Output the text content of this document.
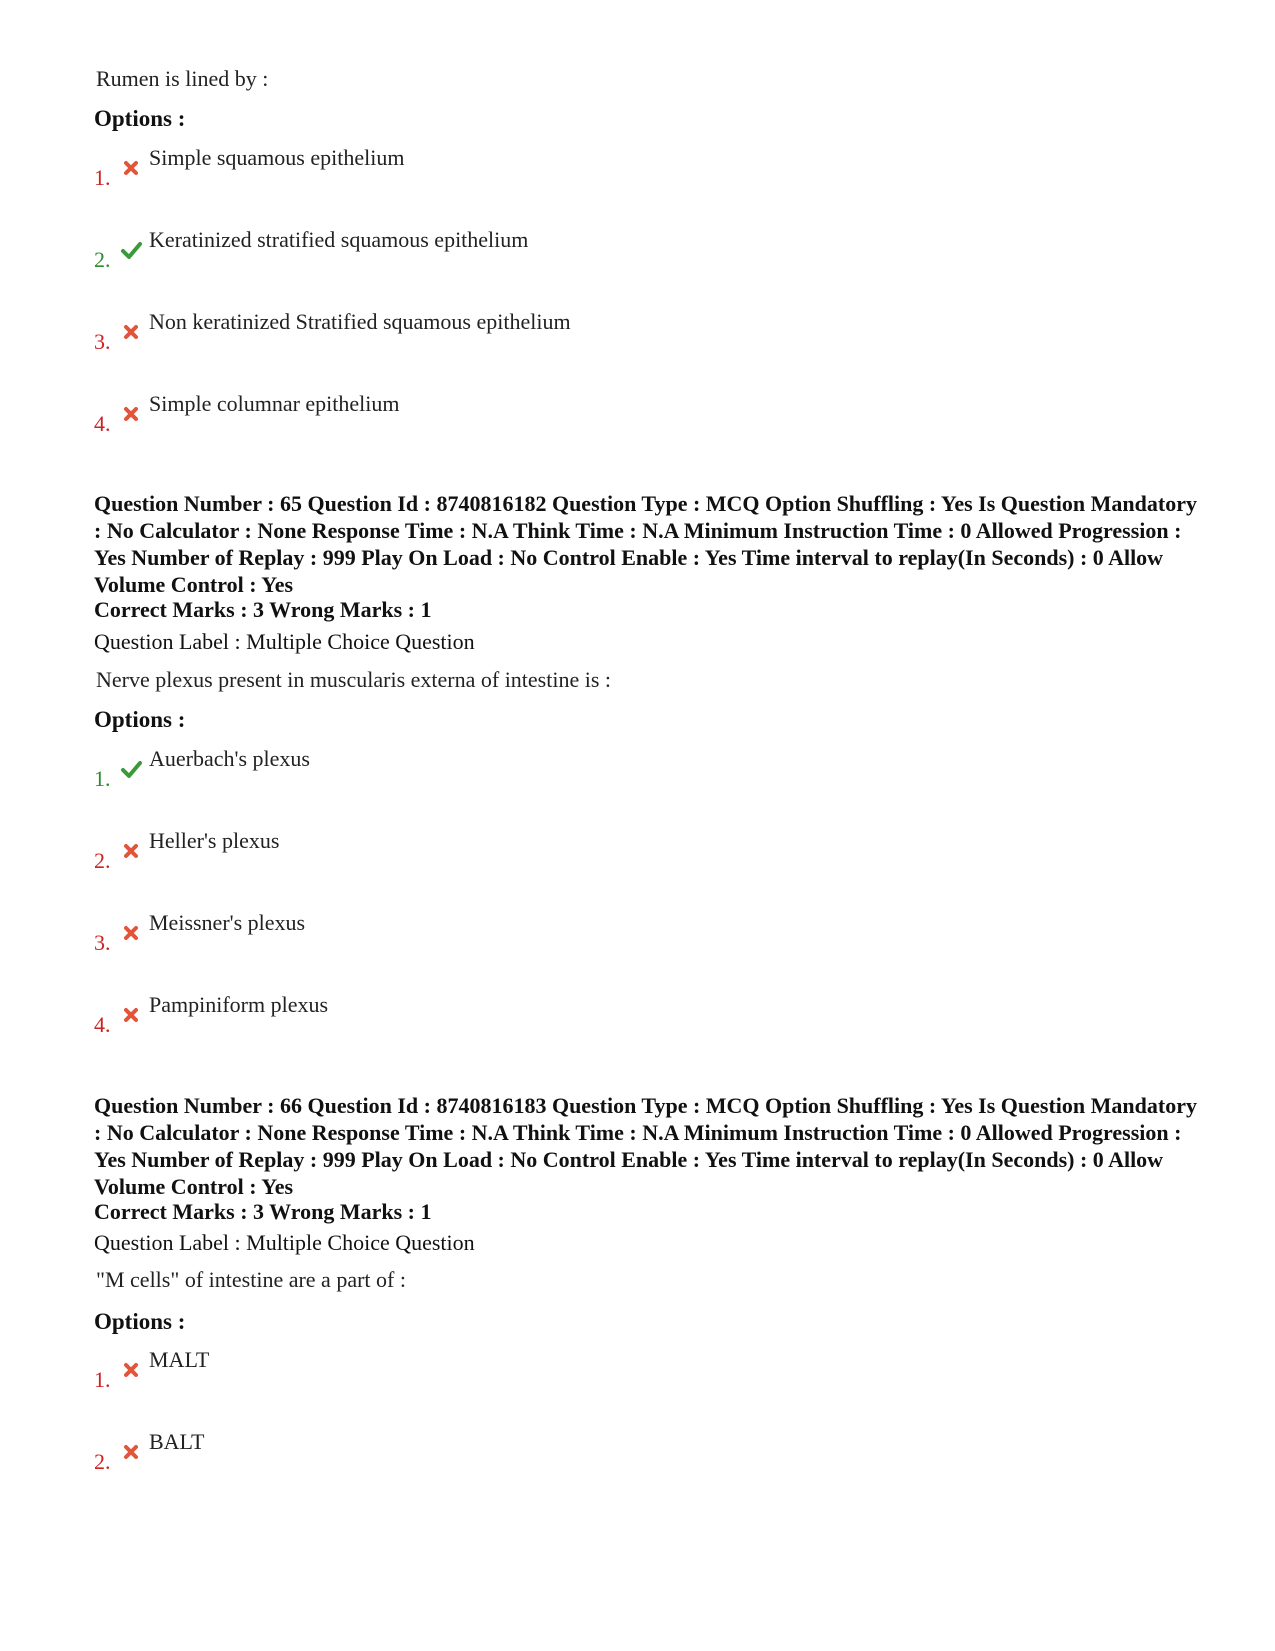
Rumen is lined by :

Options :

1.
Simple squamous epithelium
2.
Keratinized stratified squamous epithelium
3.
Non keratinized Stratified squamous epithelium
4.
Simple columnar epithelium

Question Number : 65 Question Id : 8740816182 Question Type : MCQ Option Shuffling : Yes Is Question Mandatory : No Calculator : None Response Time : N.A Think Time : N.A Minimum Instruction Time : 0 Allowed Progression : Yes Number of Replay : 999 Play On Load : No Control Enable : Yes Time interval to replay(In Seconds) : 0 Allow Volume Control : Yes

Correct Marks : 3 Wrong Marks : 1

Question Label : Multiple Choice Question

Nerve plexus present in muscularis externa of intestine is :

Options :

1.
Auerbach's plexus
2.
Heller's plexus
3.
Meissner's plexus
4.
Pampiniform plexus

Question Number : 66 Question Id : 8740816183 Question Type : MCQ Option Shuffling : Yes Is Question Mandatory : No Calculator : None Response Time : N.A Think Time : N.A Minimum Instruction Time : 0 Allowed Progression : Yes Number of Replay : 999 Play On Load : No Control Enable : Yes Time interval to replay(In Seconds) : 0 Allow Volume Control : Yes

Correct Marks : 3 Wrong Marks : 1

Question Label : Multiple Choice Question

"M cells" of intestine are a part of :

Options :

1.
MALT
2.
BALT
